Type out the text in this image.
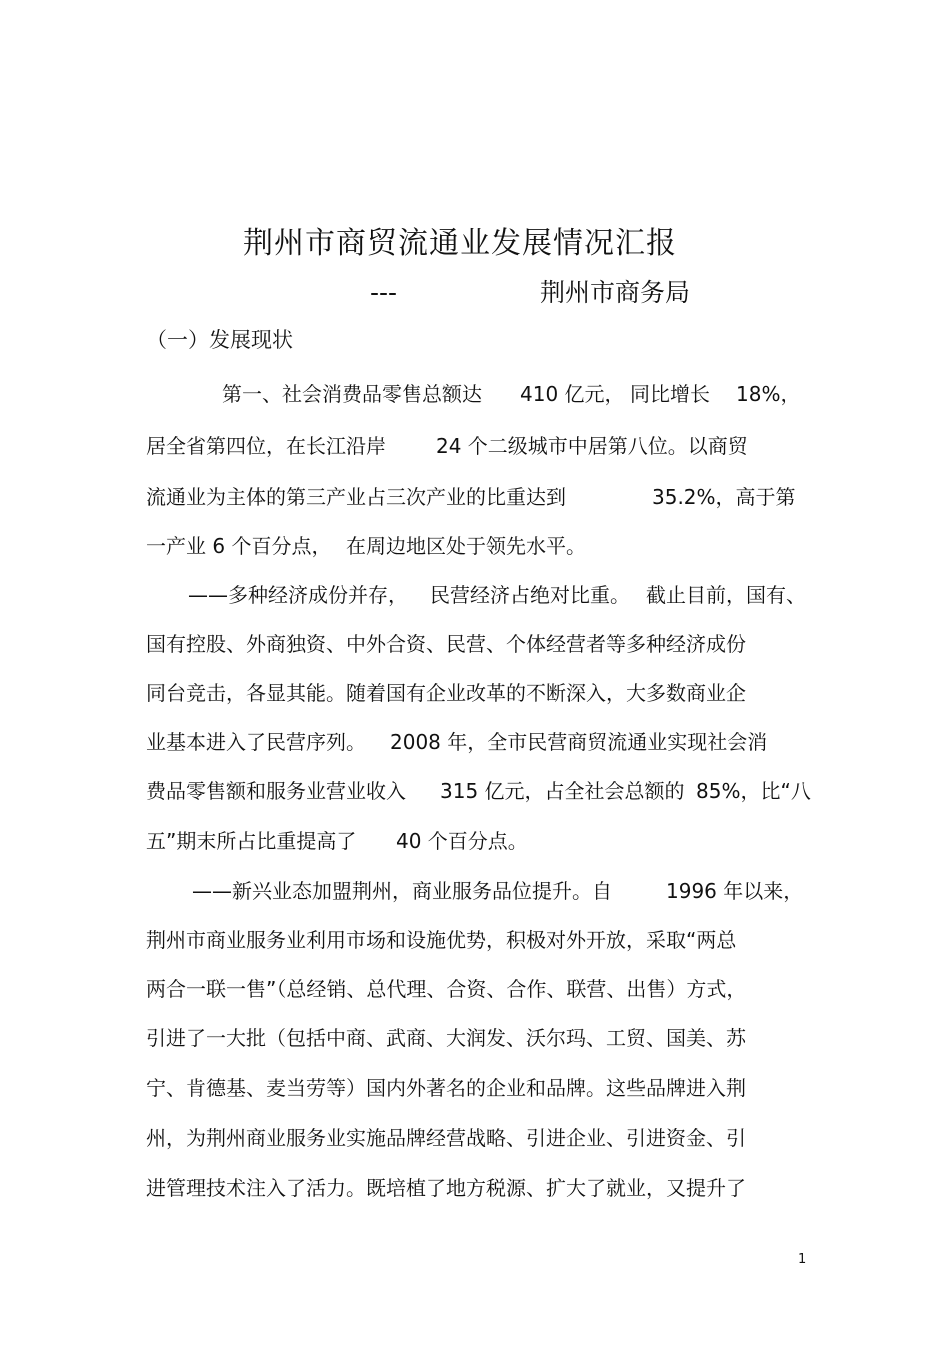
荆州市商贸流通业发展情况汇报
---	荆州市商务局
（一）发展现状
第一、社会消费品零售总额达 410 亿元， 同比增长 18%，
居全省第四位，在长江沿岸	24 个二级城市中居第八位。以商贸
流通业为主体的第三产业占三次产业的比重达到	35.2%，高于第
一产业 6 个百分点， 在周边地区处于领先水平。
——多种经济成份并存， 民营经济占绝对比重。 截止目前，国有、
国有控股、外商独资、中外合资、民营、个体经营者等多种经济成份
同台竞击，各显其能。随着国有企业改革的不断深入，大多数商业企
业基本进入了民营序列。 2008 年，全市民营商贸流通业实现社会消
费品零售额和服务业营业收入 315 亿元，占全社会总额的 85%，比“八
五”期末所占比重提高了 40 个百分点。
——新兴业态加盟荆州，商业服务品位提升。自	1996 年以来，
荆州市商业服务业利用市场和设施优势，积极对外开放，采取“两总
两合一联一售”（总经销、总代理、合资、合作、联营、出售）方式，
引进了一大批（包括中商、武商、大润发、沃尔玛、工贸、国美、苏
宁、肯德基、麦当劳等）国内外著名的企业和品牌。这些品牌进入荆
州，为荆州商业服务业实施品牌经营战略、引进企业、引进资金、引
进管理技术注入了活力。既培植了地方税源、扩大了就业，又提升了
1
